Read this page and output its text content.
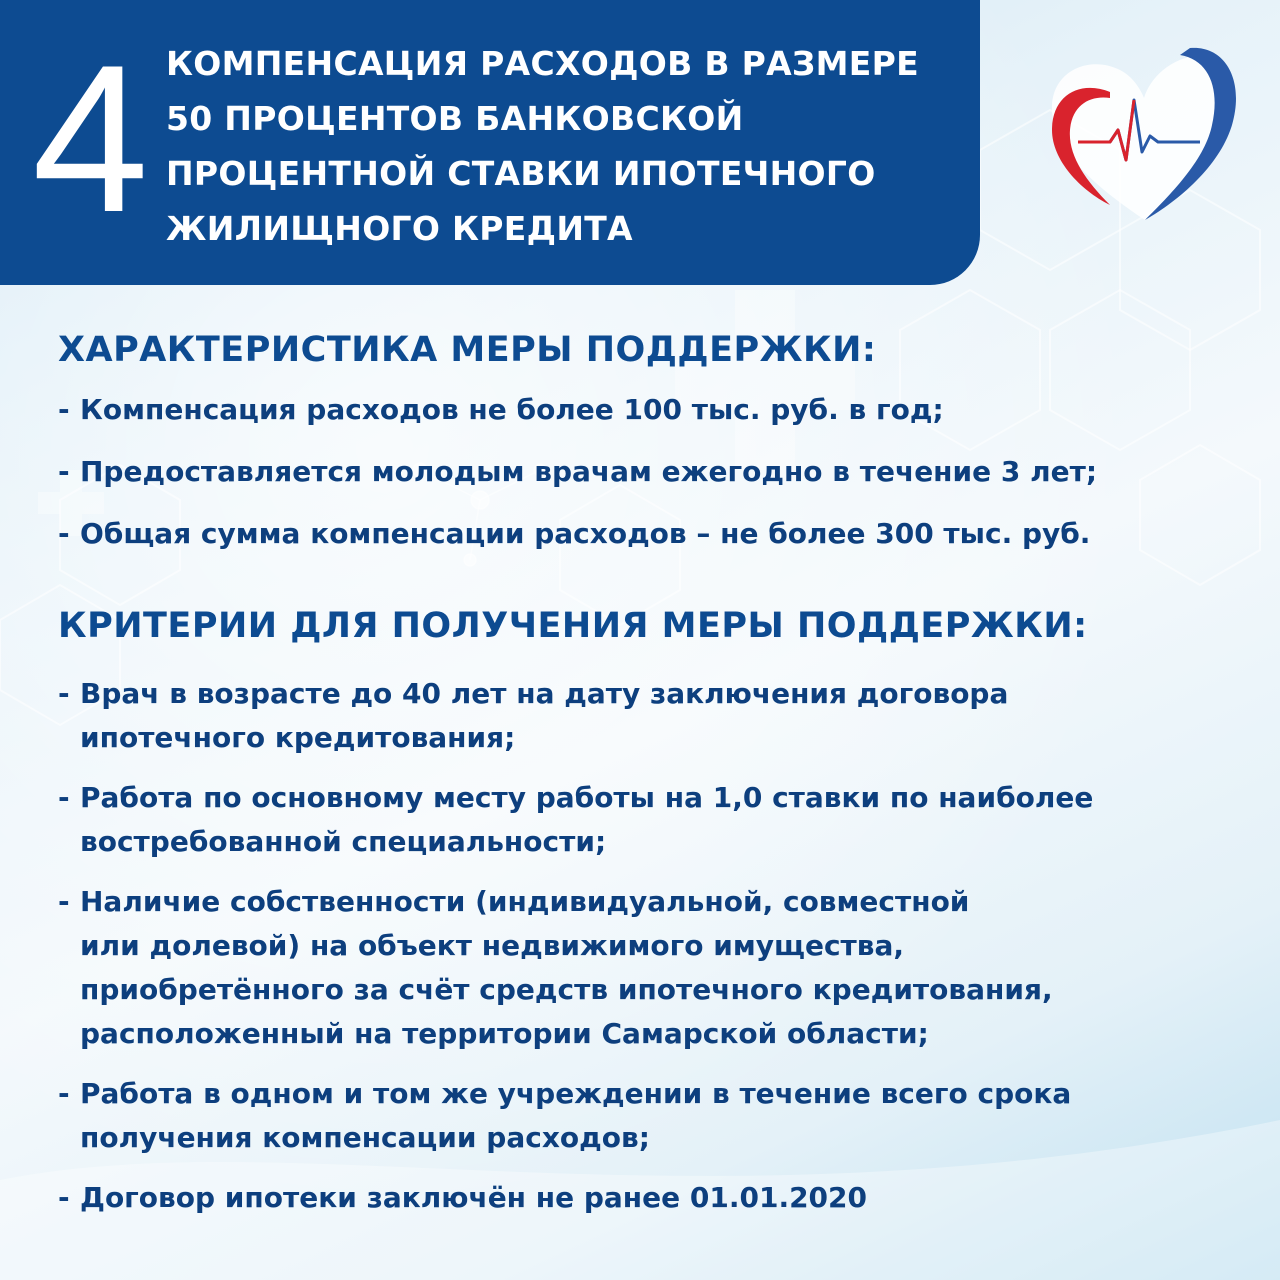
4 КОМПЕНСАЦИЯ РАСХОДОВ В РАЗМЕРЕ
50 ПРОЦЕНТОВ БАНКОВСКОЙ
ПРОЦЕНТНОЙ СТАВКИ ИПОТЕЧНОГО
ЖИЛИЩНОГО КРЕДИТА
ХАРАКТЕРИСТИКА МЕРЫ ПОДДЕРЖКИ:
- Компенсация расходов не более 100 тыс. руб. в год;
- Предоставляется молодым врачам ежегодно в течение 3 лет;
- Общая сумма компенсации расходов – не более 300 тыс. руб.
КРИТЕРИИ ДЛЯ ПОЛУЧЕНИЯ МЕРЫ ПОДДЕРЖКИ:
- Врач в возрасте до 40 лет на дату заключения договора
ипотечного кредитования;
- Работа по основному месту работы на 1,0 ставки по наиболее
востребованной специальности;
- Наличие собственности (индивидуальной, совместной
или долевой) на объект недвижимого имущества,
приобретённого за счёт средств ипотечного кредитования,
расположенный на территории Самарской области;
- Работа в одном и том же учреждении в течение всего срока
получения компенсации расходов;
- Договор ипотеки заключён не ранее 01.01.2020
